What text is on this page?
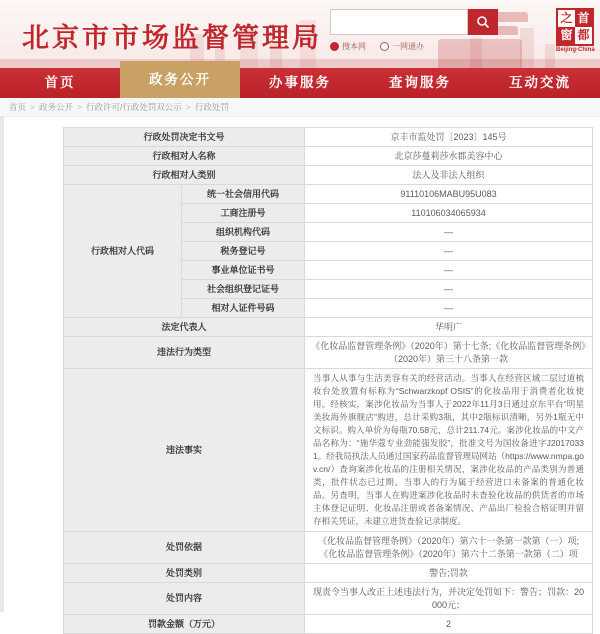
北京市市场监督管理局	搜本网	一网通办
之 首
窗 都
Beijing-China
首页	政务公开	办事服务	查询服务	互动交流
首页 > 政务公开 > 行政许可/行政处罚双公示 > 行政处罚
行政处罚决定书文号		京丰市监处罚〔2023〕145号
行政相对人名称		北京莎蔓莉莎水郡美容中心
行政相对人类别		法人及非法人组织
行政相对人代码	统一社会信用代码	91110106MABU95U083
	工商注册号	110106034065934
	组织机构代码	—
	税务登记号	—
	事业单位证书号	—
	社会组织登记证号	—
	相对人证件号码	—
法定代表人		华明广
违法行为类型		《化妆品监督管理条例》（2020年）第十七条;《化妆品监督管理条例》（2020年）第三十八条第一款
违法事实		当事人从事与生活美容有关的经营活动。当事人在经营区域二层过道梳妆台处放置有标称为“Schwarzkopf OSIS”的化妆品用于消费者化妆使用。经核实，案涉化妆品为当事人于2022年11月3日通过京东平台“明星美妆海外旗舰店”购进，总计采购3瓶，其中2瓶标识清晰，另外1瓶无中文标识。购入单价为每瓶70.58元，总计211.74元。案涉化妆品的中文产品名称为：“施华蔻专业劲能强发胶”，批准文号为国妆备进字J20170331。经我局执法人员通过国家药品监督管理局网站（https://www.nmpa.gov.cn/）查询案涉化妆品的注册相关情况，案涉化妆品的产品类别为普通类，批件状态已过期。当事人的行为属于经营进口未备案的普通化妆品。另查明，当事人在购进案涉化妆品时未查验化妆品的供货者的市场主体登记证明、化妆品注册或者备案情况、产品出厂检验合格证明并留存相关凭证，未建立进货查验记录制度。
处罚依据		《化妆品监督管理条例》（2020年）第六十一条第一款第（一）项;《化妆品监督管理条例》（2020年）第六十二条第一款第（二）项
处罚类别		警告;罚款
处罚内容		现责令当事人改正上述违法行为，并决定处罚如下：警告；罚款：20000元；
罚款金额（万元）		2
